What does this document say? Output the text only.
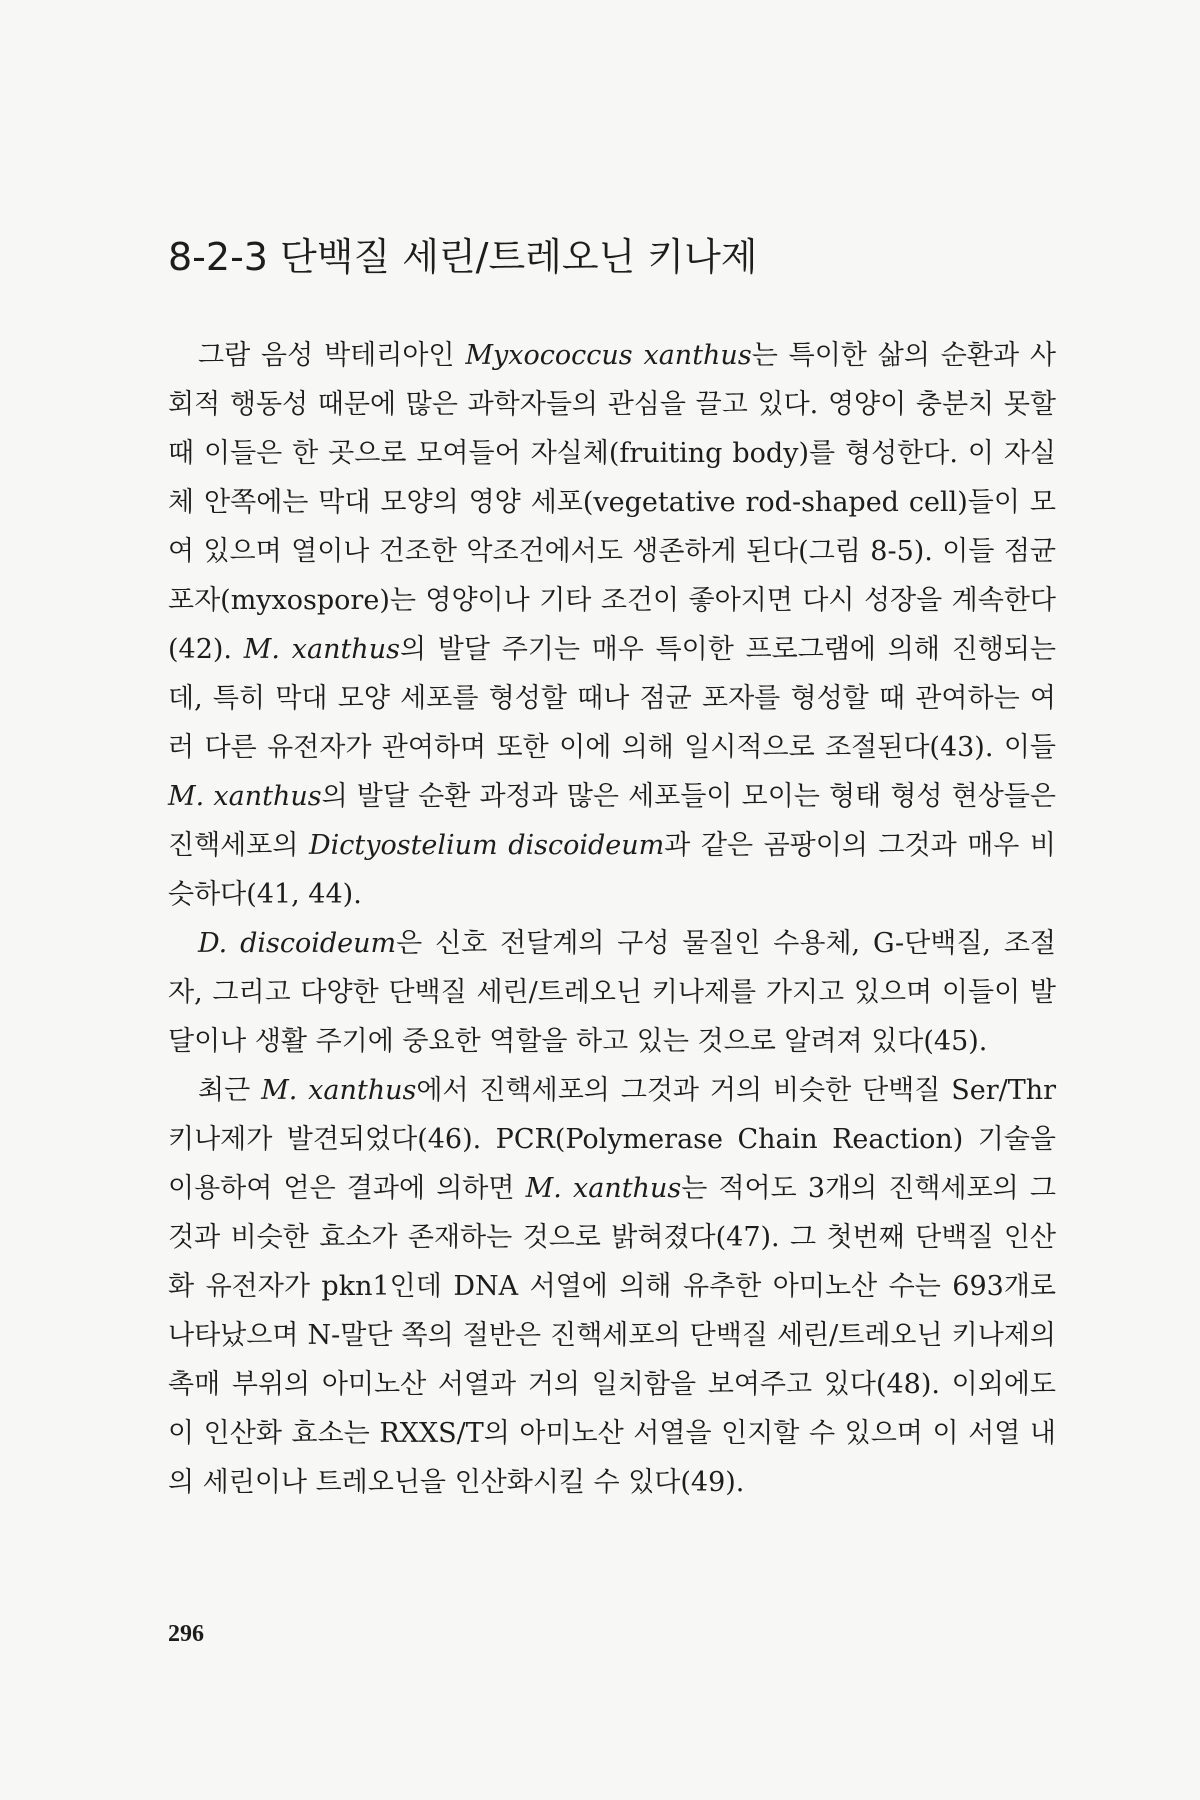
8-2-3 단백질 세린/트레오닌 키나제

그람 음성 박테리아인 Myxococcus xanthus는 특이한 삶의 순환과 사회적 행동성 때문에 많은 과학자들의 관심을 끌고 있다. 영양이 충분치 못할 때 이들은 한 곳으로 모여들어 자실체(fruiting body)를 형성한다. 이 자실체 안쪽에는 막대 모양의 영양 세포(vegetative rod-shaped cell)들이 모여 있으며 열이나 건조한 악조건에서도 생존하게 된다(그림 8-5). 이들 점균 포자(myxospore)는 영양이나 기타 조건이 좋아지면 다시 성장을 계속한다(42). M. xanthus의 발달 주기는 매우 특이한 프로그램에 의해 진행되는데, 특히 막대 모양 세포를 형성할 때나 점균 포자를 형성할 때 관여하는 여러 다른 유전자가 관여하며 또한 이에 의해 일시적으로 조절된다(43). 이들 M. xanthus의 발달 순환 과정과 많은 세포들이 모이는 형태 형성 현상들은 진핵세포의 Dictyostelium discoideum과 같은 곰팡이의 그것과 매우 비슷하다(41, 44).

D. discoideum은 신호 전달계의 구성 물질인 수용체, G-단백질, 조절자, 그리고 다양한 단백질 세린/트레오닌 키나제를 가지고 있으며 이들이 발달이나 생활 주기에 중요한 역할을 하고 있는 것으로 알려져 있다(45).

최근 M. xanthus에서 진핵세포의 그것과 거의 비슷한 단백질 Ser/Thr 키나제가 발견되었다(46). PCR(Polymerase Chain Reaction) 기술을 이용하여 얻은 결과에 의하면 M. xanthus는 적어도 3개의 진핵세포의 그것과 비슷한 효소가 존재하는 것으로 밝혀졌다(47). 그 첫번째 단백질 인산화 유전자가 pkn1인데 DNA 서열에 의해 유추한 아미노산 수는 693개로 나타났으며 N-말단 쪽의 절반은 진핵세포의 단백질 세린/트레오닌 키나제의 촉매 부위의 아미노산 서열과 거의 일치함을 보여주고 있다(48). 이외에도 이 인산화 효소는 RXXS/T의 아미노산 서열을 인지할 수 있으며 이 서열 내의 세린이나 트레오닌을 인산화시킬 수 있다(49).

296
